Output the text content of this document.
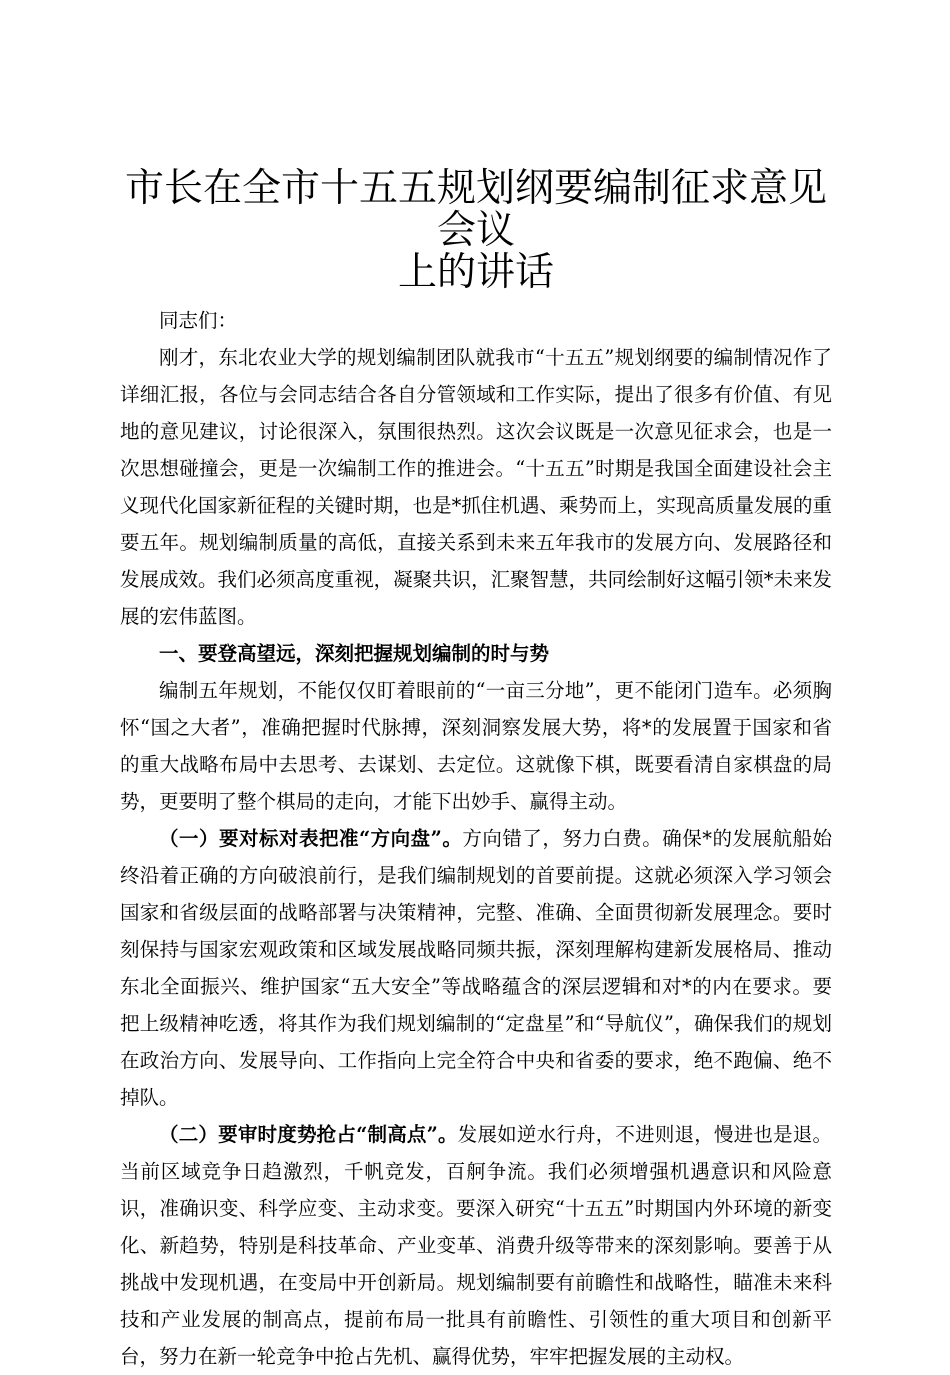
市长在全市十五五规划纲要编制征求意见会议
上的讲话

同志们：

刚才，东北农业大学的规划编制团队就我市“十五五”规划纲要的编制情况作了详细汇报，各位与会同志结合各自分管领域和工作实际，提出了很多有价值、有见地的意见建议，讨论很深入，氛围很热烈。这次会议既是一次意见征求会，也是一次思想碰撞会，更是一次编制工作的推进会。“十五五”时期是我国全面建设社会主义现代化国家新征程的关键时期，也是*抓住机遇、乘势而上，实现高质量发展的重要五年。规划编制质量的高低，直接关系到未来五年我市的发展方向、发展路径和发展成效。我们必须高度重视，凝聚共识，汇聚智慧，共同绘制好这幅引领*未来发展的宏伟蓝图。

一、要登高望远，深刻把握规划编制的时与势

编制五年规划，不能仅仅盯着眼前的“一亩三分地”，更不能闭门造车。必须胸怀“国之大者”，准确把握时代脉搏，深刻洞察发展大势，将*的发展置于国家和省的重大战略布局中去思考、去谋划、去定位。这就像下棋，既要看清自家棋盘的局势，更要明了整个棋局的走向，才能下出妙手、赢得主动。

（一）要对标对表把准“方向盘”。方向错了，努力白费。确保*的发展航船始终沿着正确的方向破浪前行，是我们编制规划的首要前提。这就必须深入学习领会国家和省级层面的战略部署与决策精神，完整、准确、全面贯彻新发展理念。要时刻保持与国家宏观政策和区域发展战略同频共振，深刻理解构建新发展格局、推动东北全面振兴、维护国家“五大安全”等战略蕴含的深层逻辑和对*的内在要求。要把上级精神吃透，将其作为我们规划编制的“定盘星”和“导航仪”，确保我们的规划在政治方向、发展导向、工作指向上完全符合中央和省委的要求，绝不跑偏、绝不掉队。

（二）要审时度势抢占“制高点”。发展如逆水行舟，不进则退，慢进也是退。当前区域竞争日趋激烈，千帆竞发，百舸争流。我们必须增强机遇意识和风险意识，准确识变、科学应变、主动求变。要深入研究“十五五”时期国内外环境的新变化、新趋势，特别是科技革命、产业变革、消费升级等带来的深刻影响。要善于从挑战中发现机遇，在变局中开创新局。规划编制要有前瞻性和战略性，瞄准未来科技和产业发展的制高点，提前布局一批具有前瞻性、引领性的重大项目和创新平台，努力在新一轮竞争中抢占先机、赢得优势，牢牢把握发展的主动权。
